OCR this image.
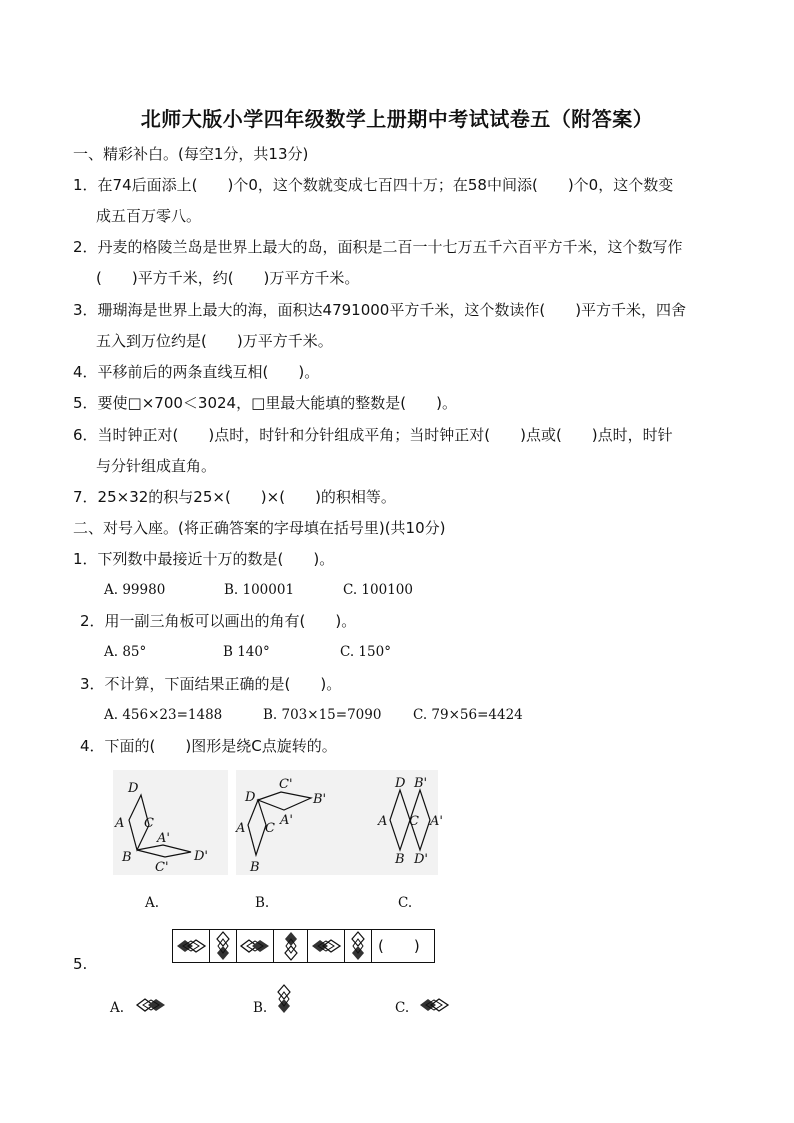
北师大版小学四年级数学上册期中考试试卷五（附答案）
一、精彩补白。(每空1分，共13分)
1．在74后面添上(　　)个0，这个数就变成七百四十万；在58中间添(　　)个0，这个数变
成五百万零八。
2．丹麦的格陵兰岛是世界上最大的岛，面积是二百一十七万五千六百平方千米，这个数写作
(　　)平方千米，约(　　)万平方千米。
3．珊瑚海是世界上最大的海，面积达4791000平方千米，这个数读作(　　)平方千米，四舍
五入到万位约是(　　)万平方千米。
4．平移前后的两条直线互相(　　)。
5．要使□×700＜3024，□里最大能填的整数是(　　)。
6．当时钟正对(　　)点时，时针和分针组成平角；当时钟正对(　　)点或(　　)点时，时针
与分针组成直角。
7．25×32的积与25×(　　)×(　　)的积相等。
二、对号入座。(将正确答案的字母填在括号里)(共10分)
1．下列数中最接近十万的数是(　　)。
A. 99980	B. 100001	C. 100100
2．用一副三角板可以画出的角有(　　)。
A. 85°	B 140°	C. 150°
3．不计算，下面结果正确的是(　　)。
A. 456×23=1488	B. 703×15=7090 C. 79×56=4424
4．下面的(　　)图形是绕C点旋转的。
D
A C
A'
B	D'
C'
D
C'
B'
A'
A C
B
D B'
A C A'
B D'
A.	B.	C.
5.
(　　)
A.	B.	C.
